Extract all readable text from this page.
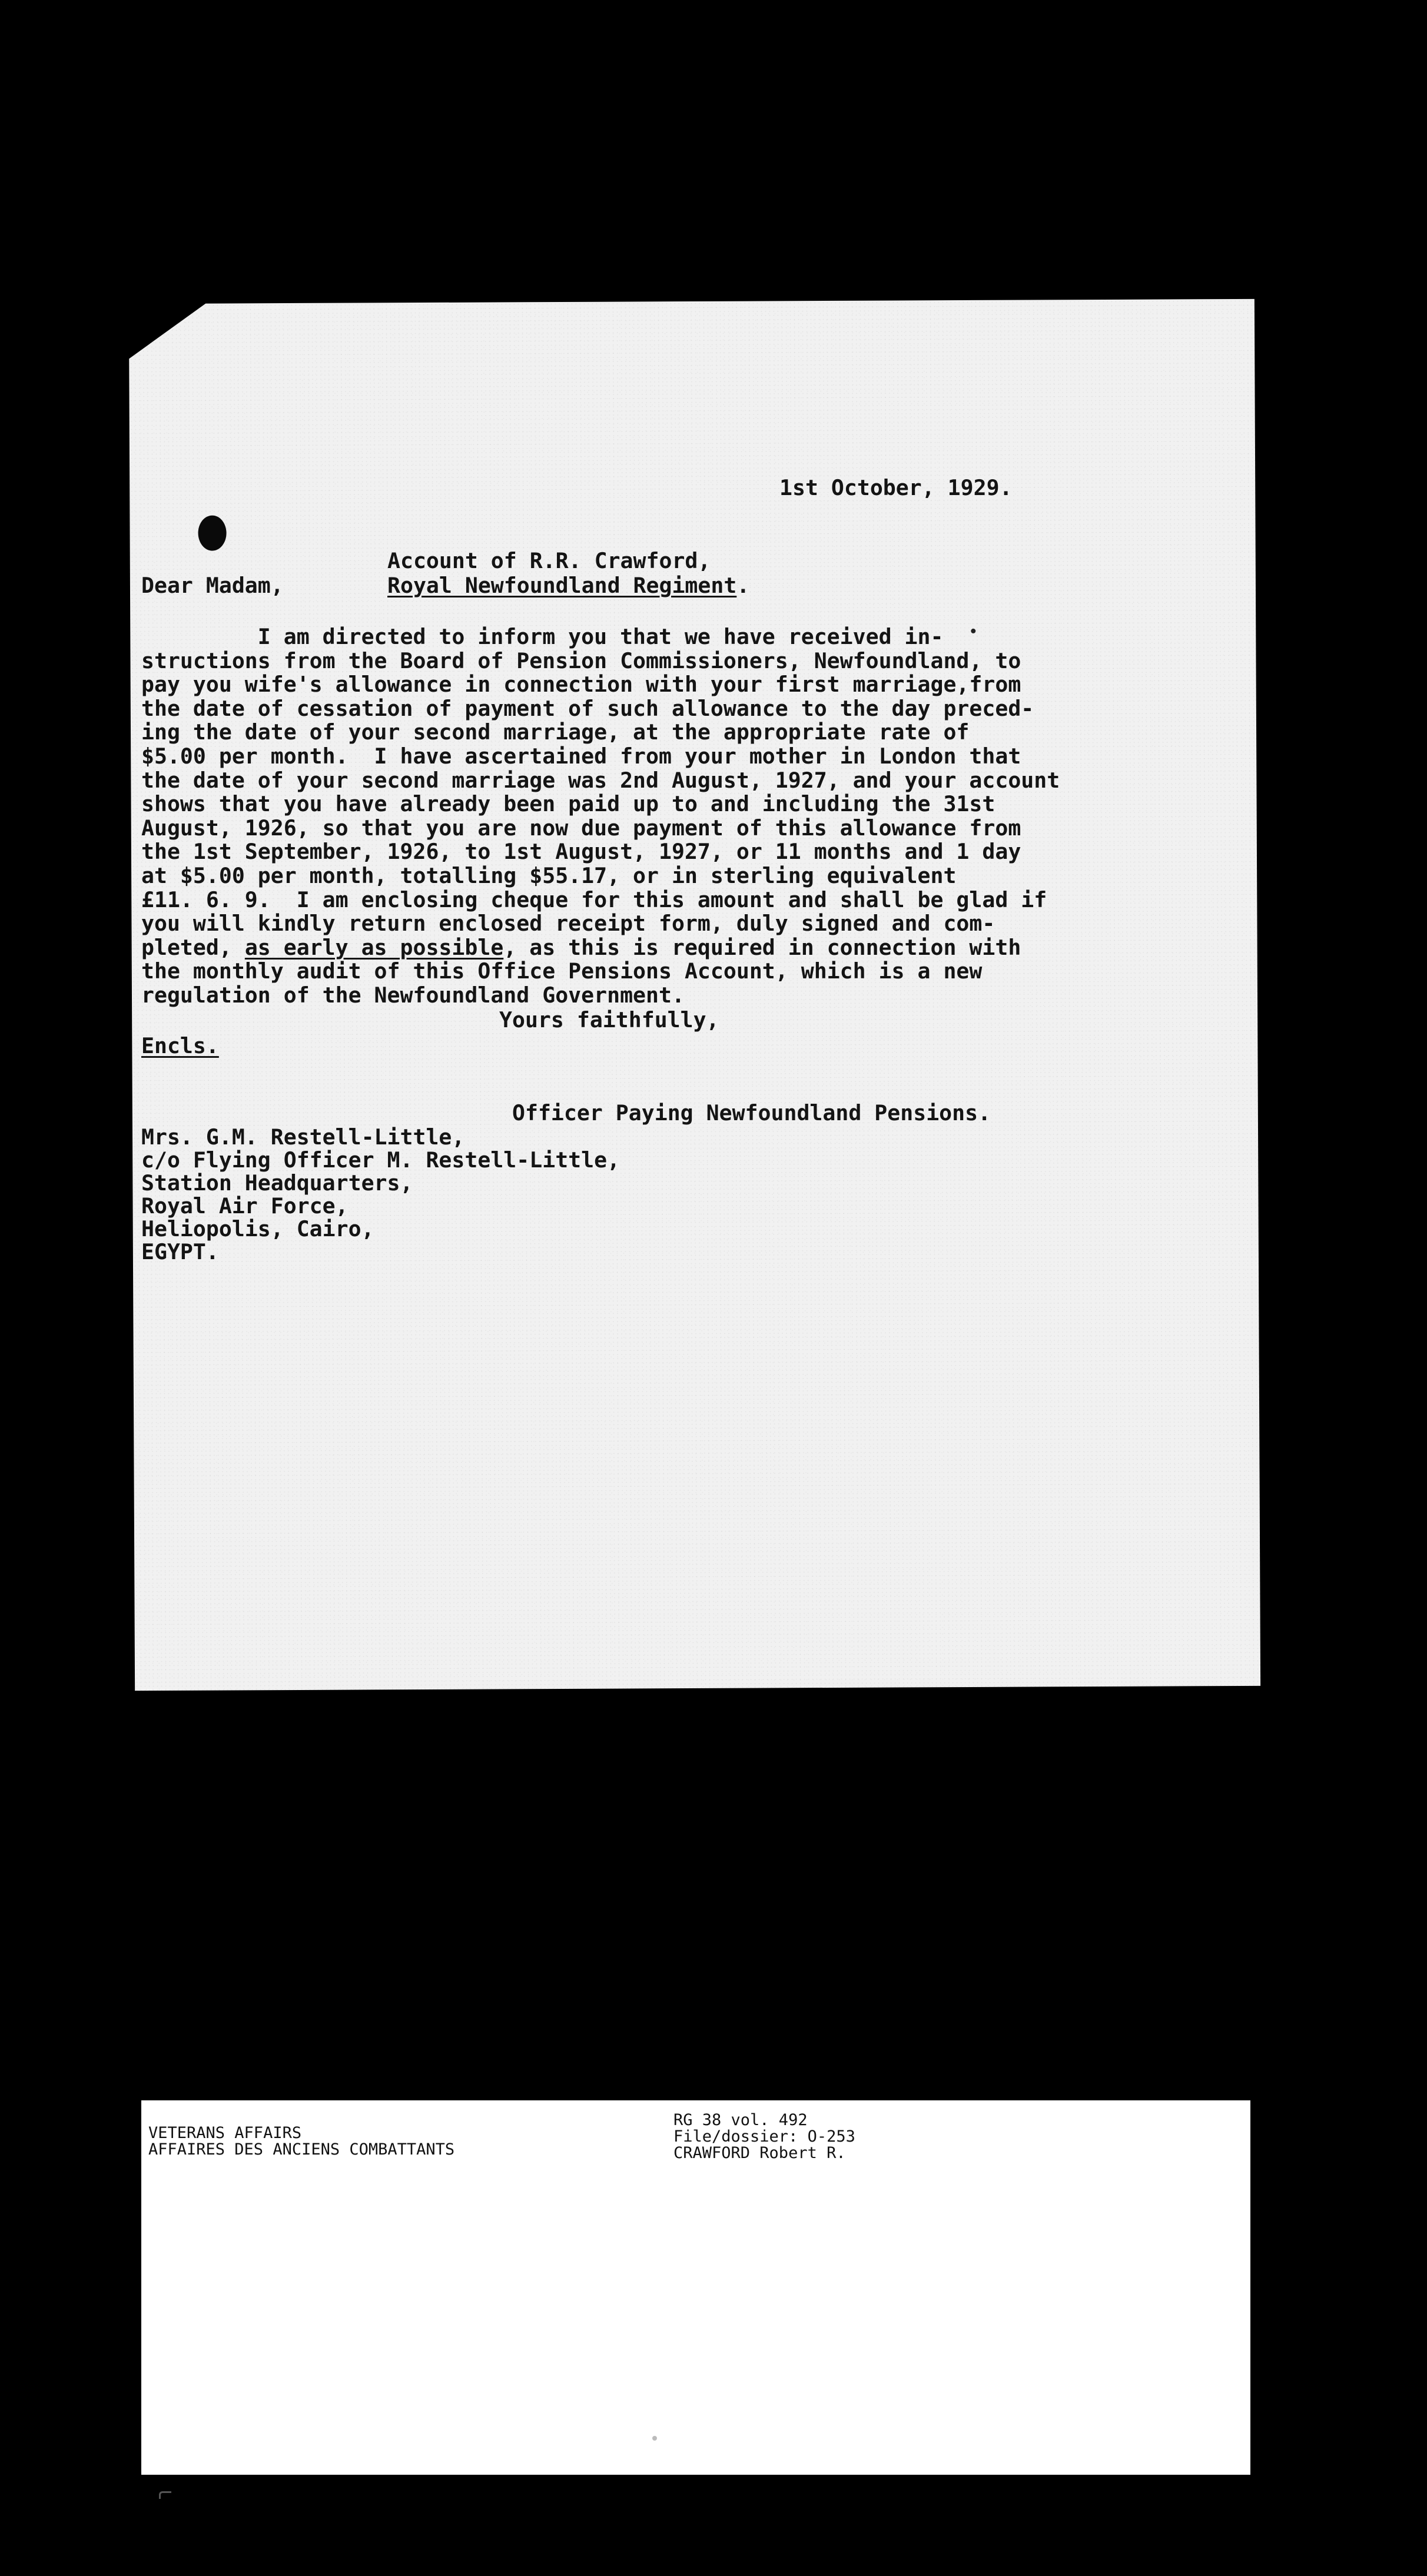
1st October, 1929.
Account of R.R. Crawford,
Dear Madam,	Royal Newfoundland Regiment.
I am directed to inform you that we have received in-
structions from the Board of Pension Commissioners, Newfoundland, to
pay you wife's allowance in connection with your first marriage,from
the date of cessation of payment of such allowance to the day preced-
ing the date of your second marriage, at the appropriate rate of
$5.00 per month.  I have ascertained from your mother in London that
the date of your second marriage was 2nd August, 1927, and your account
shows that you have already been paid up to and including the 31st
August, 1926, so that you are now due payment of this allowance from
the 1st September, 1926, to 1st August, 1927, or 11 months and 1 day
at $5.00 per month, totalling $55.17, or in sterling equivalent
£11. 6. 9.  I am enclosing cheque for this amount and shall be glad if
you will kindly return enclosed receipt form, duly signed and com-
pleted, as early as possible, as this is required in connection with
the monthly audit of this Office Pensions Account, which is a new
regulation of the Newfoundland Government.
Yours faithfully,
Encls.
Officer Paying Newfoundland Pensions.
Mrs. G.M. Restell-Little,
c/o Flying Officer M. Restell-Little,
Station Headquarters,
Royal Air Force,
Heliopolis, Cairo,
EGYPT.
VETERANS AFFAIRS
AFFAIRES DES ANCIENS COMBATTANTS
RG 38 vol. 492
File/dossier: O-253
CRAWFORD Robert R.
